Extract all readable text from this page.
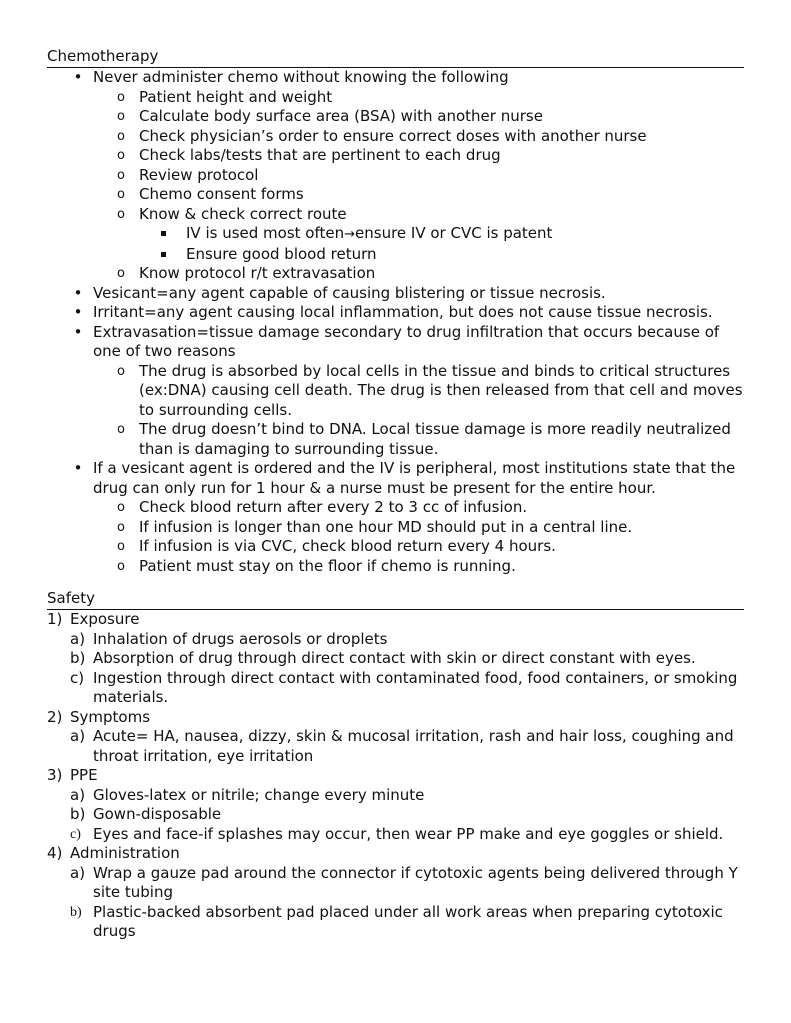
Chemotherapy
• Never administer chemo without knowing the following
o Patient height and weight
o Calculate body surface area (BSA) with another nurse
o Check physician’s order to ensure correct doses with another nurse
o Check labs/tests that are pertinent to each drug
o Review protocol
o Chemo consent forms
o Know & check correct route
IV is used most often→ensure IV or CVC is patent
Ensure good blood return
o Know protocol r/t extravasation
• Vesicant=any agent capable of causing blistering or tissue necrosis.
• Irritant=any agent causing local inflammation, but does not cause tissue necrosis.
• Extravasation=tissue damage secondary to drug infiltration that occurs because of one of two reasons
o The drug is absorbed by local cells in the tissue and binds to critical structures (ex:DNA) causing cell death. The drug is then released from that cell and moves to surrounding cells.
o The drug doesn’t bind to DNA. Local tissue damage is more readily neutralized than is damaging to surrounding tissue.
• If a vesicant agent is ordered and the IV is peripheral, most institutions state that the drug can only run for 1 hour & a nurse must be present for the entire hour.
o Check blood return after every 2 to 3 cc of infusion.
o If infusion is longer than one hour MD should put in a central line.
o If infusion is via CVC, check blood return every 4 hours.
o Patient must stay on the floor if chemo is running.
Safety
1) Exposure
a) Inhalation of drugs aerosols or droplets
b) Absorption of drug through direct contact with skin or direct constant with eyes.
c) Ingestion through direct contact with contaminated food, food containers, or smoking materials.
2) Symptoms
a) Acute= HA, nausea, dizzy, skin & mucosal irritation, rash and hair loss, coughing and throat irritation, eye irritation
3) PPE
a) Gloves-latex or nitrile; change every minute
b) Gown-disposable
c) Eyes and face-if splashes may occur, then wear PP make and eye goggles or shield.
4) Administration
a) Wrap a gauze pad around the connector if cytotoxic agents being delivered through Y site tubing
b) Plastic-backed absorbent pad placed under all work areas when preparing cytotoxic drugs
